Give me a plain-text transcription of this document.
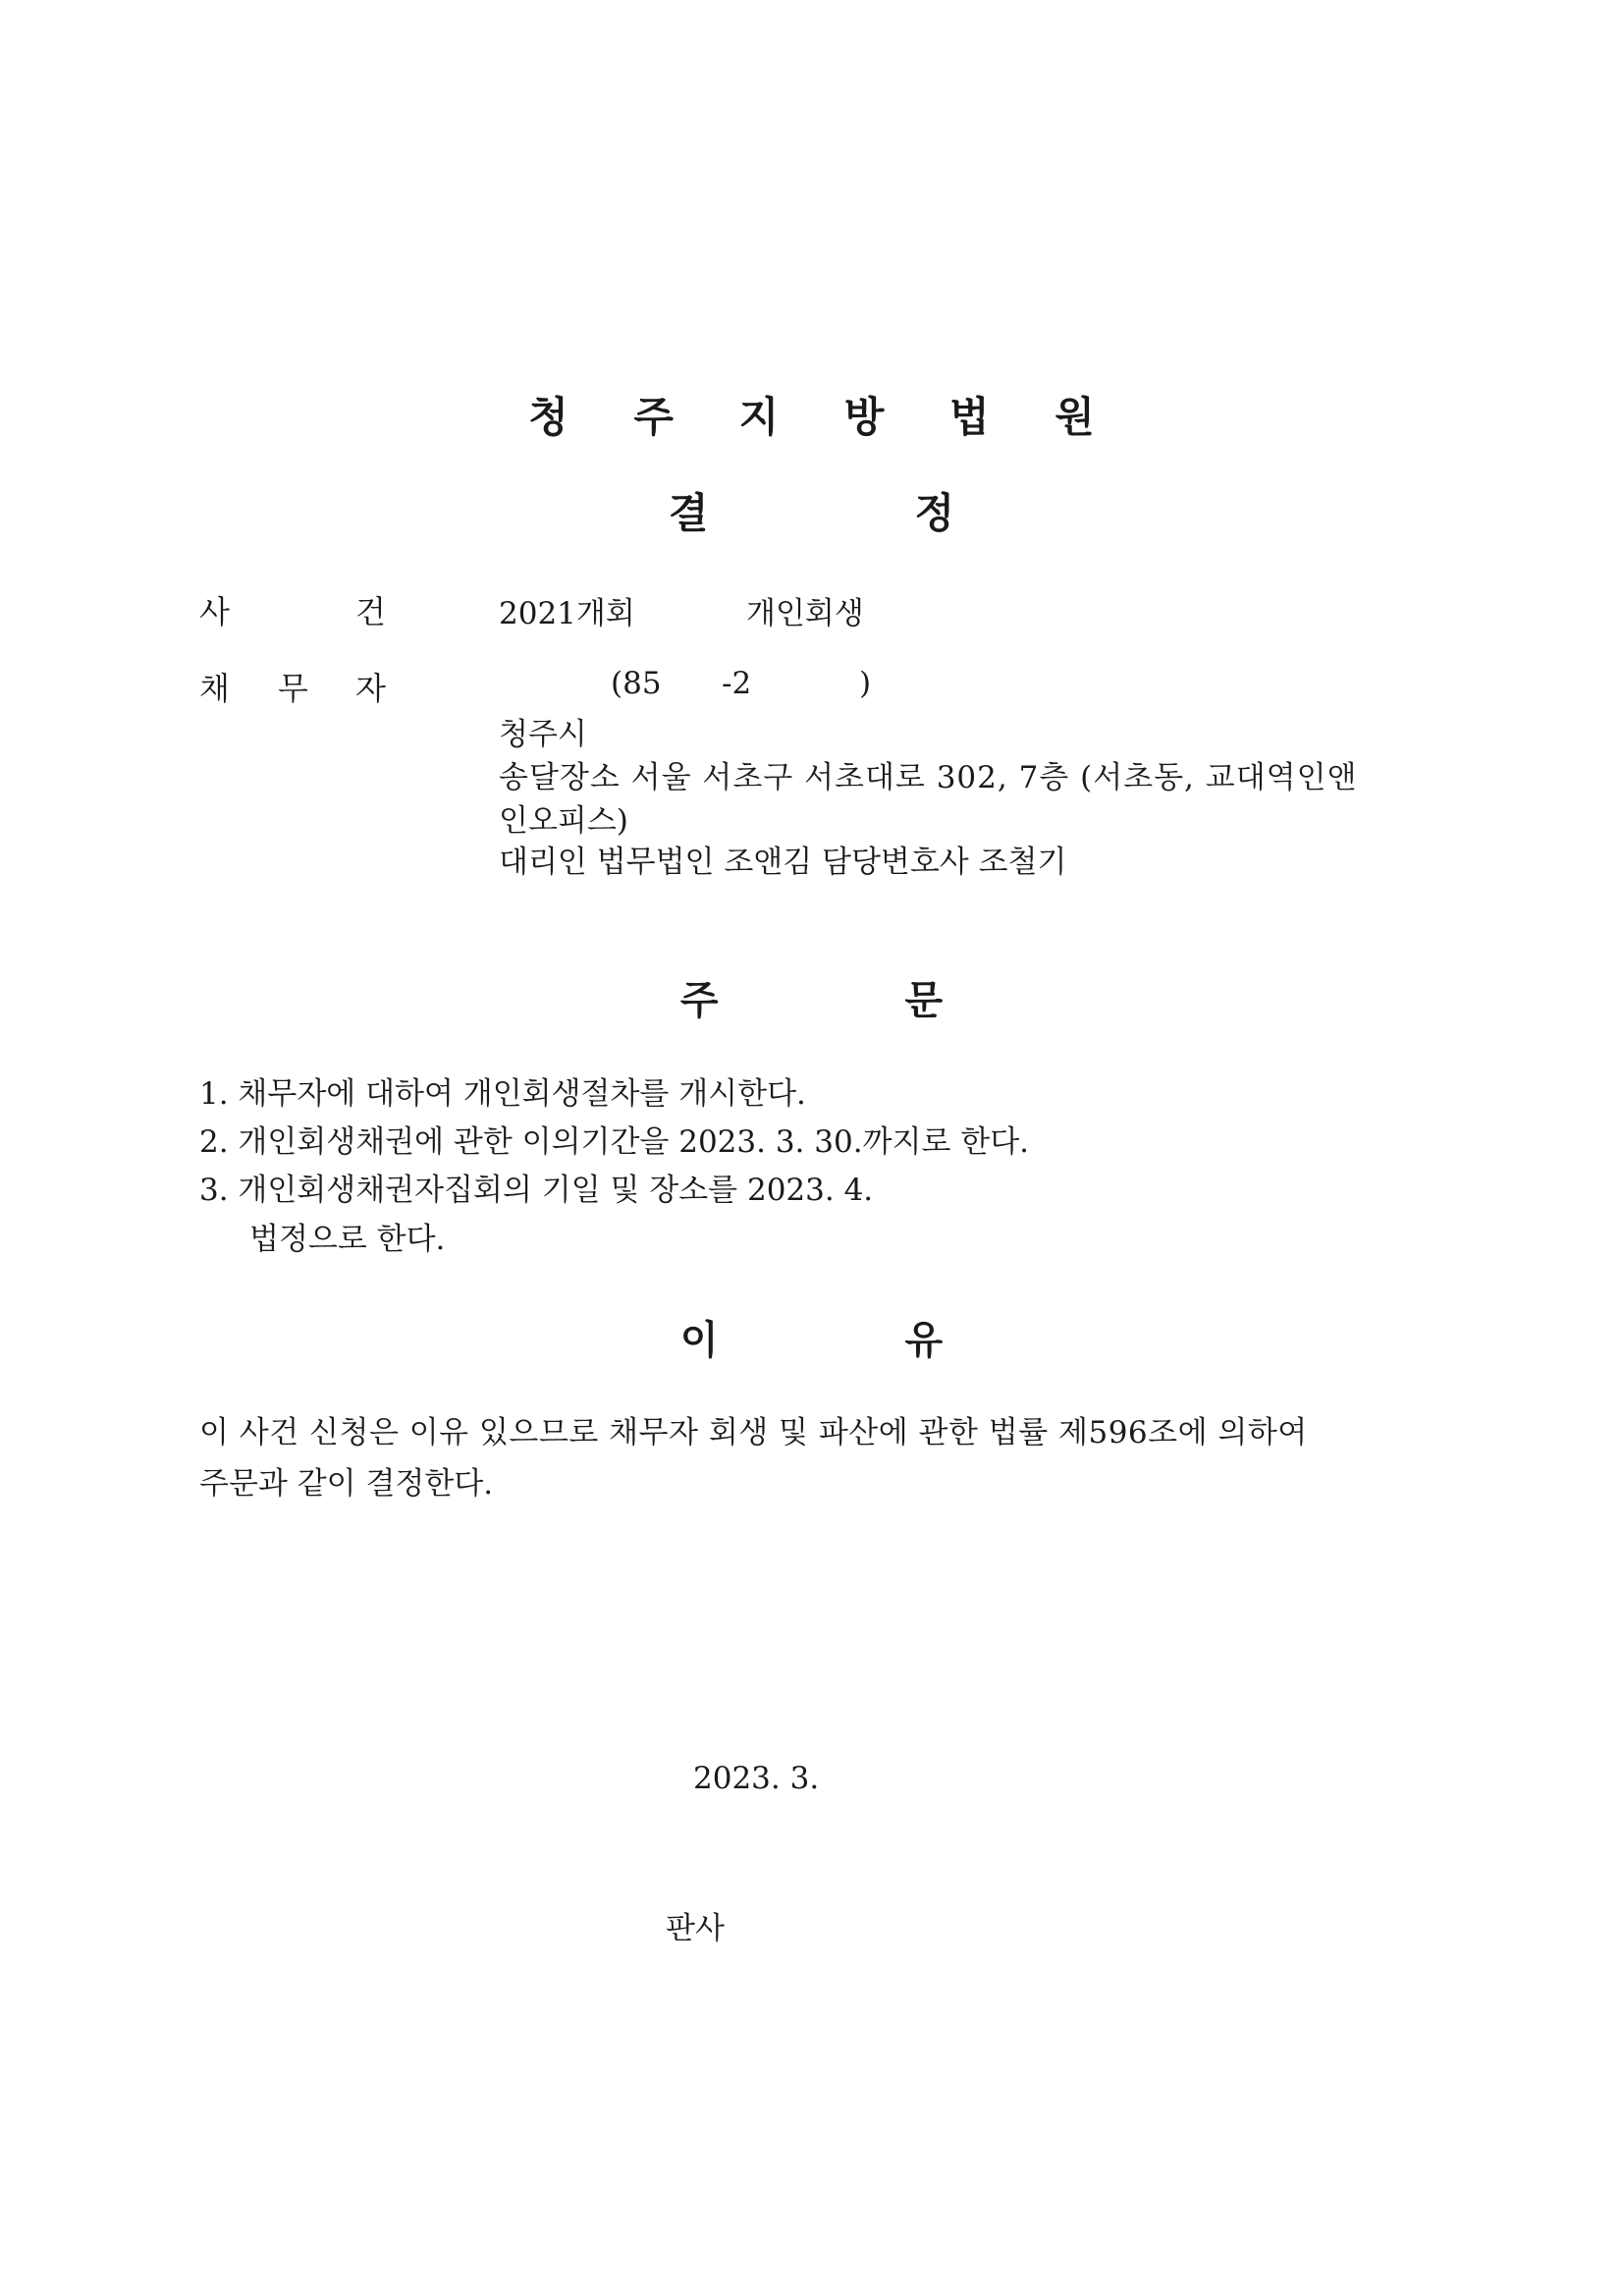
청 주 지 방 법 원
결	정
사	건	2021개회	개인회생
채 무 자	(85 -2	)
청주시
송달장소 서울 서초구 서초대로 302, 7층 (서초동, 교대역인앤
인오피스)
대리인 법무법인 조앤김 담당변호사 조철기
주	문
1. 채무자에 대하여 개인회생절차를 개시한다.
2. 개인회생채권에 관한 이의기간을 2023. 3. 30.까지로 한다.
3. 개인회생채권자집회의 기일 및 장소를 2023. 4.
법정으로 한다.
이	유
이 사건 신청은 이유 있으므로 채무자 회생 및 파산에 관한 법률 제596조에 의하여
주문과 같이 결정한다.
2023. 3.
판사
